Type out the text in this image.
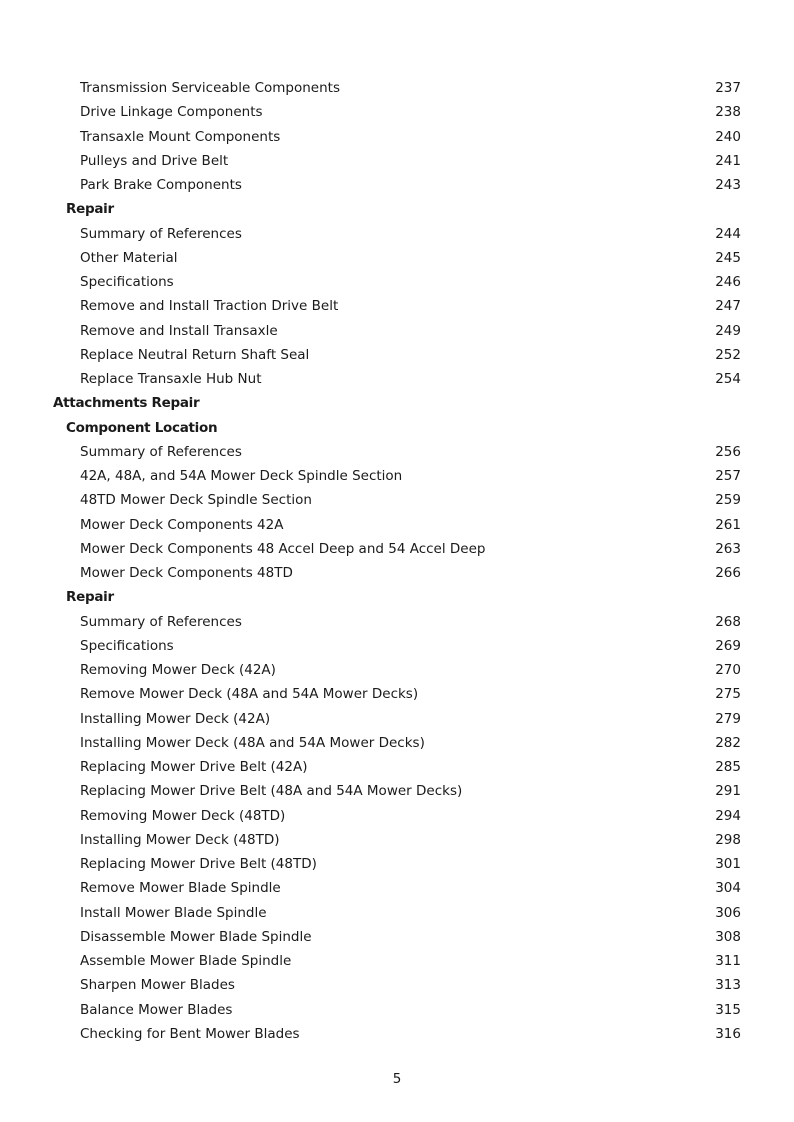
Transmission Serviceable Components	237
Drive Linkage Components	238
Transaxle Mount Components	240
Pulleys and Drive Belt	241
Park Brake Components	243
Repair
Summary of References	244
Other Material	245
Specifications	246
Remove and Install Traction Drive Belt	247
Remove and Install Transaxle	249
Replace Neutral Return Shaft Seal	252
Replace Transaxle Hub Nut	254
Attachments Repair
Component Location
Summary of References	256
42A, 48A, and 54A Mower Deck Spindle Section	257
48TD Mower Deck Spindle Section	259
Mower Deck Components 42A	261
Mower Deck Components 48 Accel Deep and 54 Accel Deep	263
Mower Deck Components 48TD	266
Repair
Summary of References	268
Specifications	269
Removing Mower Deck (42A)	270
Remove Mower Deck (48A and 54A Mower Decks)	275
Installing Mower Deck (42A)	279
Installing Mower Deck (48A and 54A Mower Decks)	282
Replacing Mower Drive Belt (42A)	285
Replacing Mower Drive Belt (48A and 54A Mower Decks)	291
Removing Mower Deck (48TD)	294
Installing Mower Deck (48TD)	298
Replacing Mower Drive Belt (48TD)	301
Remove Mower Blade Spindle	304
Install Mower Blade Spindle	306
Disassemble Mower Blade Spindle	308
Assemble Mower Blade Spindle	311
Sharpen Mower Blades	313
Balance Mower Blades	315
Checking for Bent Mower Blades	316
5
